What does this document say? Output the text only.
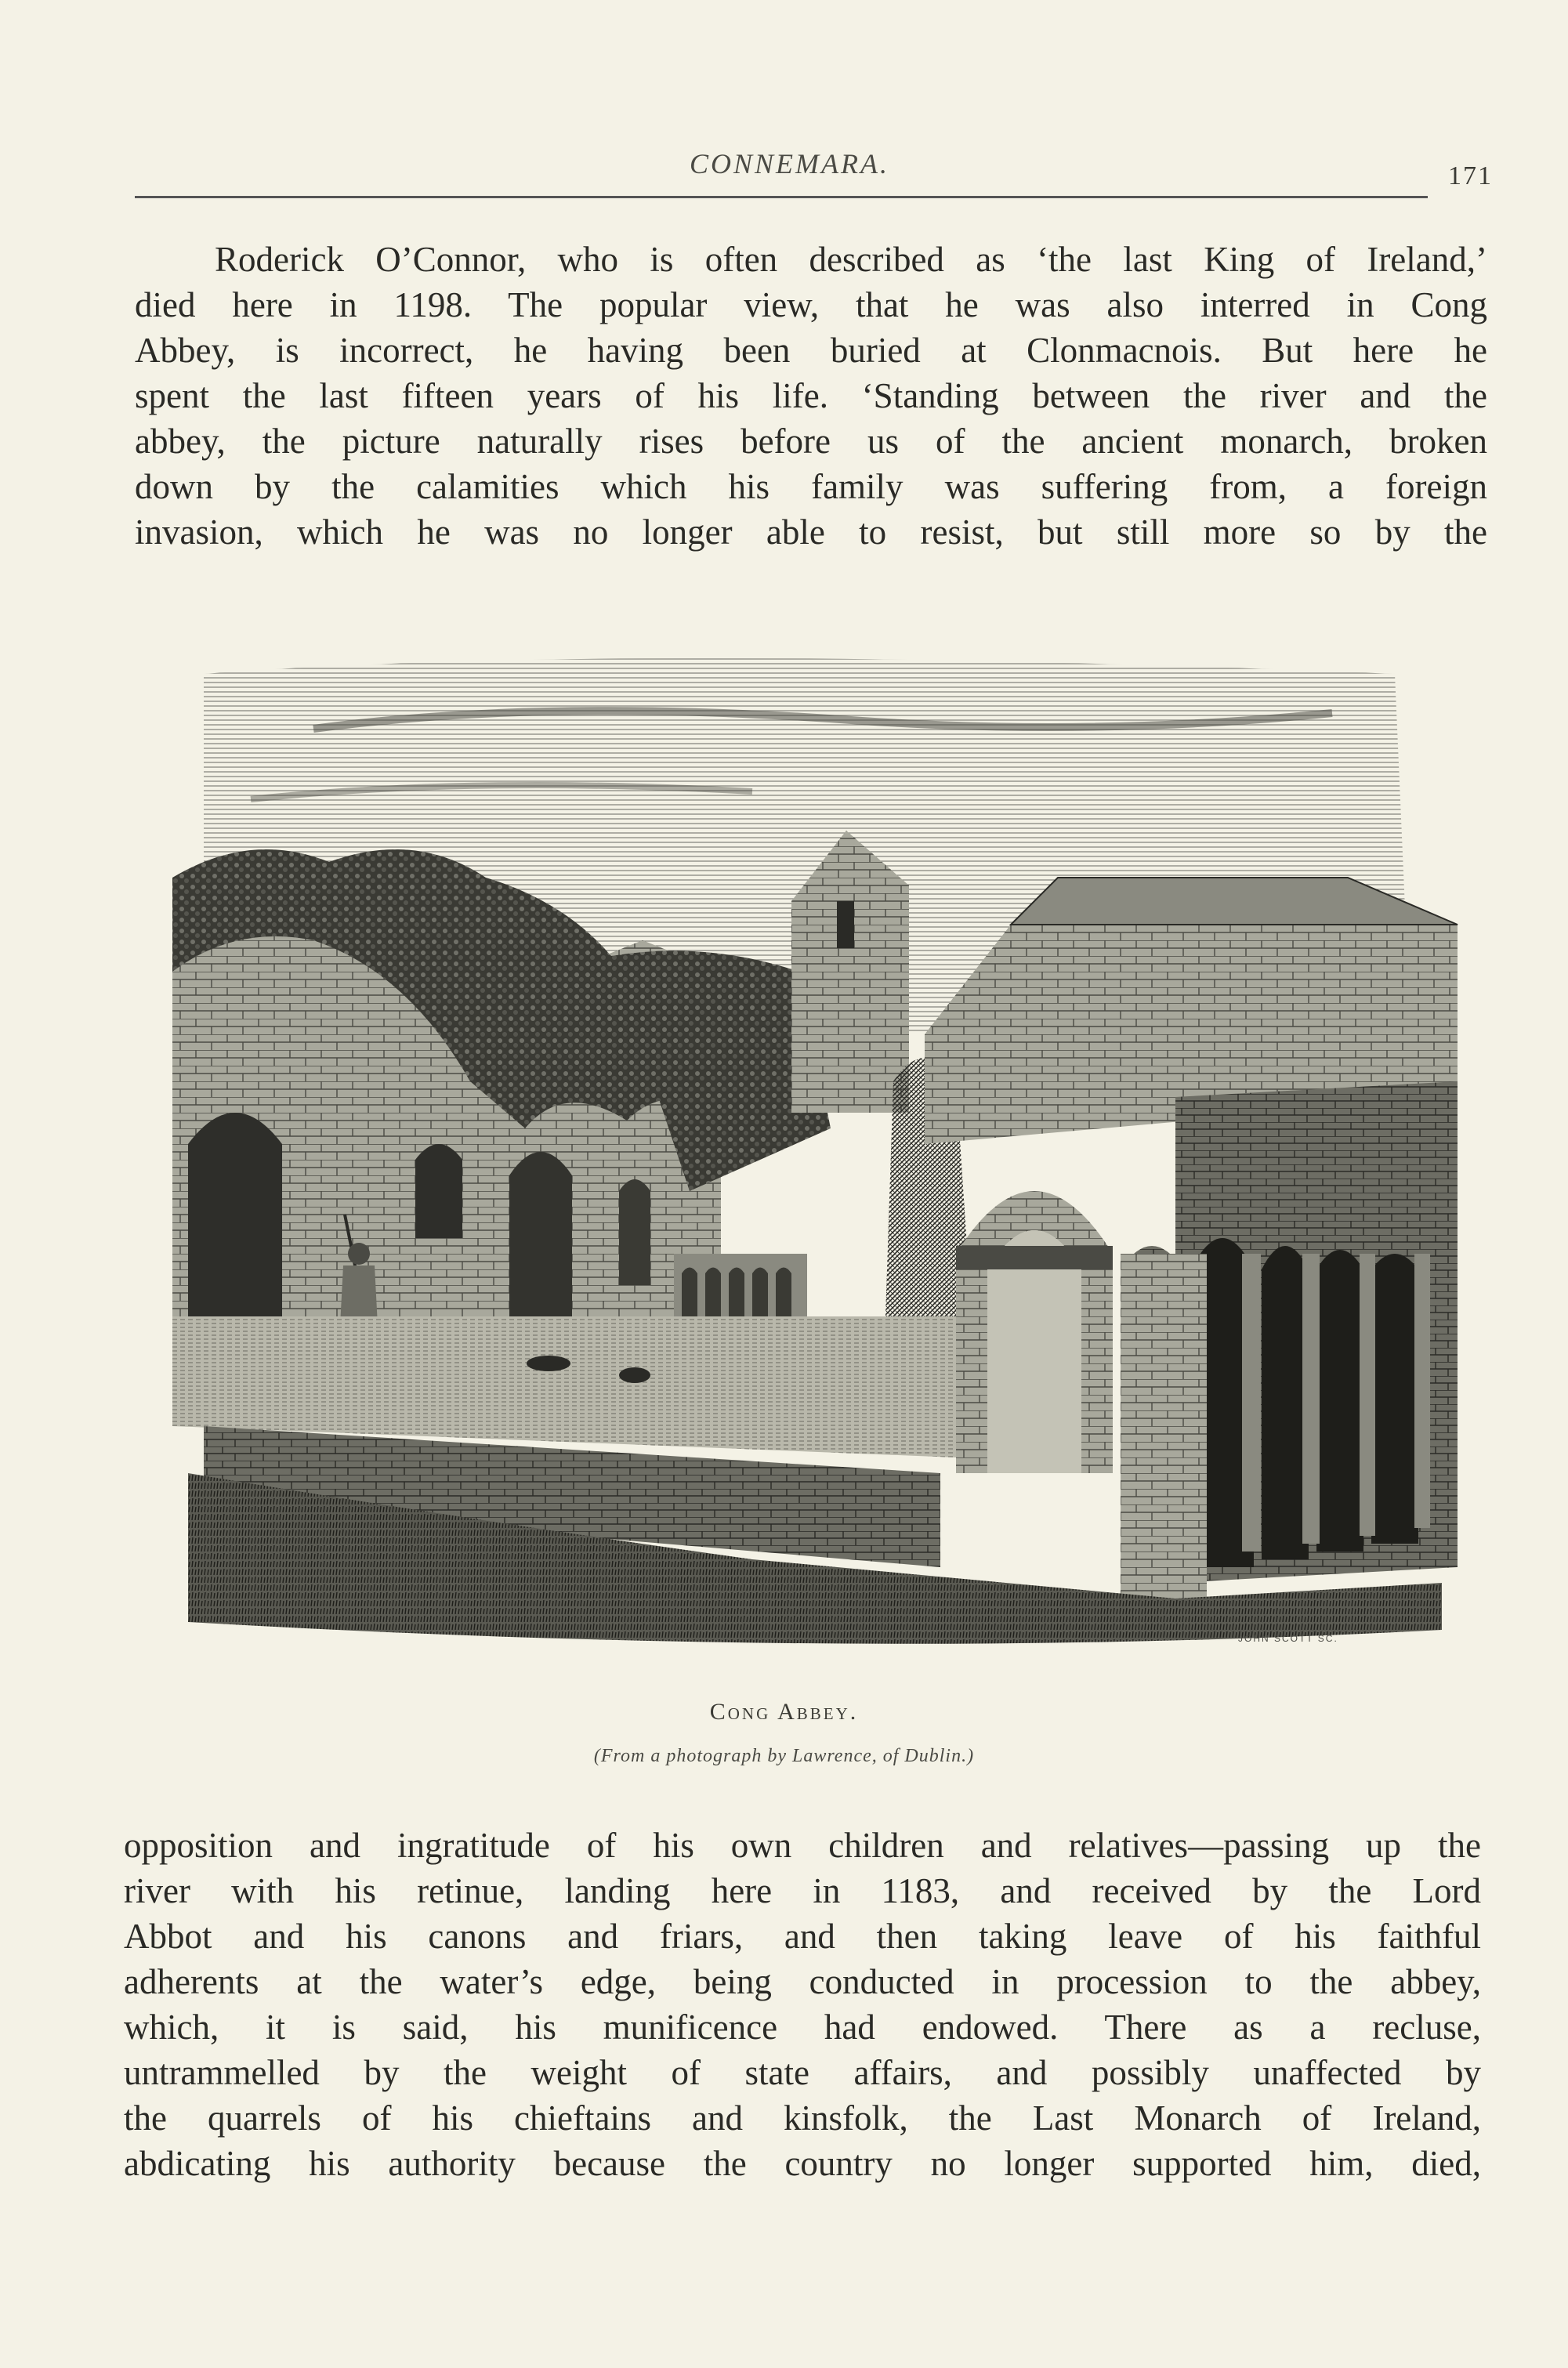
CONNEMARA.	171
Roderick O’Connor, who is often described as ‘the last King of Ireland,’
died here in 1198. The popular view, that he was also interred in Cong
Abbey, is incorrect, he having been buried at Clonmacnois. But here he
spent the last fifteen years of his life. ‘Standing between the river and the
abbey, the picture naturally rises before us of the ancient monarch, broken
down by the calamities which his family was suffering from, a foreign
invasion, which he was no longer able to resist, but still more so by the
JOHN SCOTT SC.
Cong Abbey.
(From a photograph by Lawrence, of Dublin.)
opposition and ingratitude of his own children and relatives—passing up the
river with his retinue, landing here in 1183, and received by the Lord
Abbot and his canons and friars, and then taking leave of his faithful
adherents at the water’s edge, being conducted in procession to the abbey,
which, it is said, his munificence had endowed. There as a recluse,
untrammelled by the weight of state affairs, and possibly unaffected by
the quarrels of his chieftains and kinsfolk, the Last Monarch of Ireland,
abdicating his authority because the country no longer supported him, died,
